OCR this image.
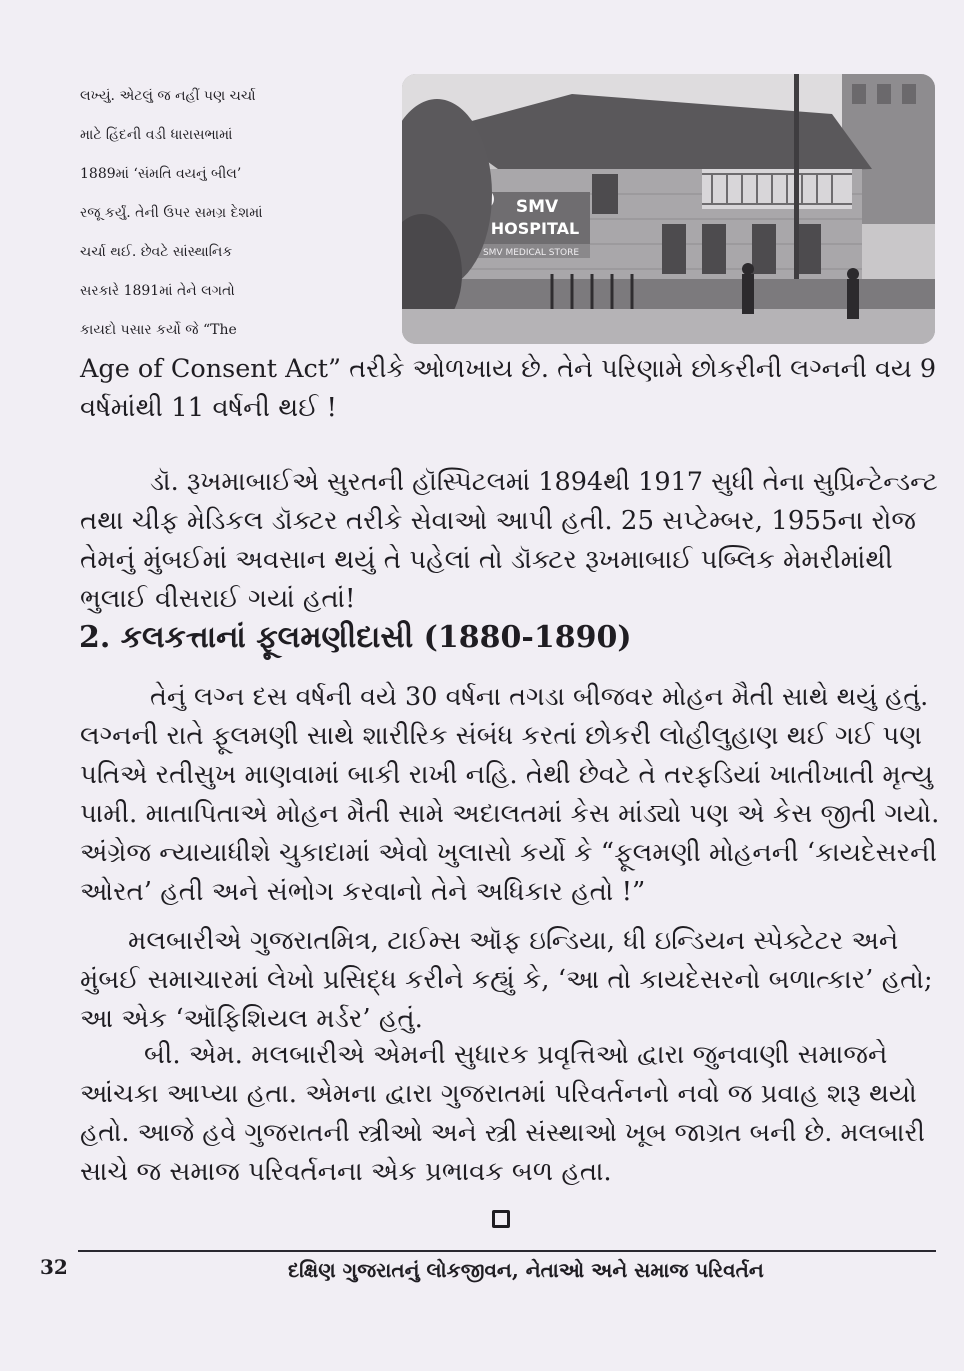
SMV
HOSPITAL
SMV MEDICAL STORE
લખ્યું. એટલું જ નહીં પણ ચર્ચા
માટે હિંદની વડી ધારાસભામાં
1889માં ‘સંમતિ વયનું બીલ’
રજૂ કર્યું. તેની ઉપર સમગ્ર દેશમાં
ચર્ચા થઈ. છેવટે સાંસ્થાનિક
સરકારે 1891માં તેને લગતો
કાયદો પસાર કર્યો જે “The
Age of Consent Act” તરીકે ઓળખાય છે. તેને પરિણામે છોકરીની લગ્નની વય 9
વર્ષમાંથી 11 વર્ષની થઈ !
ડૉ. રૂખમાબાઈએ સુરતની હૉસ્પિટલમાં 1894થી 1917 સુધી તેના સુપ્રિન્ટેન્ડન્ટ
તથા ચીફ મેડિકલ ડૉક્ટર તરીકે સેવાઓ આપી હતી. 25 સપ્ટેમ્બર, 1955ના રોજ
તેમનું મુંબઈમાં અવસાન થયું તે પહેલાં તો ડૉક્ટર રૂખમાબાઈ પબ્લિક મેમરીમાંથી
ભુલાઈ વીસરાઈ ગયાં હતાં!
2. કલકત્તાનાં ફૂલમણીદાસી (1880-1890)
તેનું લગ્ન દસ વર્ષની વયે 30 વર્ષના તગડા બીજવર મોહન મૈતી સાથે થયું હતું.
લગ્નની રાતે ફૂલમણી સાથે શારીરિક સંબંધ કરતાં છોકરી લોહીલુહાણ થઈ ગઈ પણ
પતિએ રતીસુખ માણવામાં બાકી રાખી નહિ. તેથી છેવટે તે તરફડિયાં ખાતીખાતી મૃત્યુ
પામી. માતાપિતાએ મોહન મૈતી સામે અદાલતમાં કેસ માંડ્યો પણ એ કેસ જીતી ગયો.
અંગ્રેજ ન્યાયાધીશે ચુકાદામાં એવો ખુલાસો કર્યો કે “ફૂલમણી મોહનની ‘કાયદેસરની
ઓરત’ હતી અને સંભોગ કરવાનો તેને અધિકાર હતો !”
મલબારીએ ગુજરાતમિત્ર, ટાઈમ્સ ઑફ ઇન્ડિયા, ધી ઇન્ડિયન સ્પેક્ટેટર અને
મુંબઈ સમાચારમાં લેખો પ્રસિદ્ધ કરીને કહ્યું કે, ‘આ તો કાયદેસરનો બળાત્કાર’ હતો;
આ એક ‘ઑફિશિયલ મર્ડર’ હતું.
બી. એમ. મલબારીએ એમની સુધારક પ્રવૃત્તિઓ દ્વારા જુનવાણી સમાજને
આંચકા આપ્યા હતા. એમના દ્વારા ગુજરાતમાં પરિવર્તનનો નવો જ પ્રવાહ શરૂ થયો
હતો. આજે હવે ગુજરાતની સ્ત્રીઓ અને સ્ત્રી સંસ્થાઓ ખૂબ જાગ્રત બની છે. મલબારી
સાચે જ સમાજ પરિવર્તનના એક પ્રભાવક બળ હતા.
32	દક્ષિણ ગુજરાતનું લોકજીવન, નેતાઓ અને સમાજ પરિવર્તન
